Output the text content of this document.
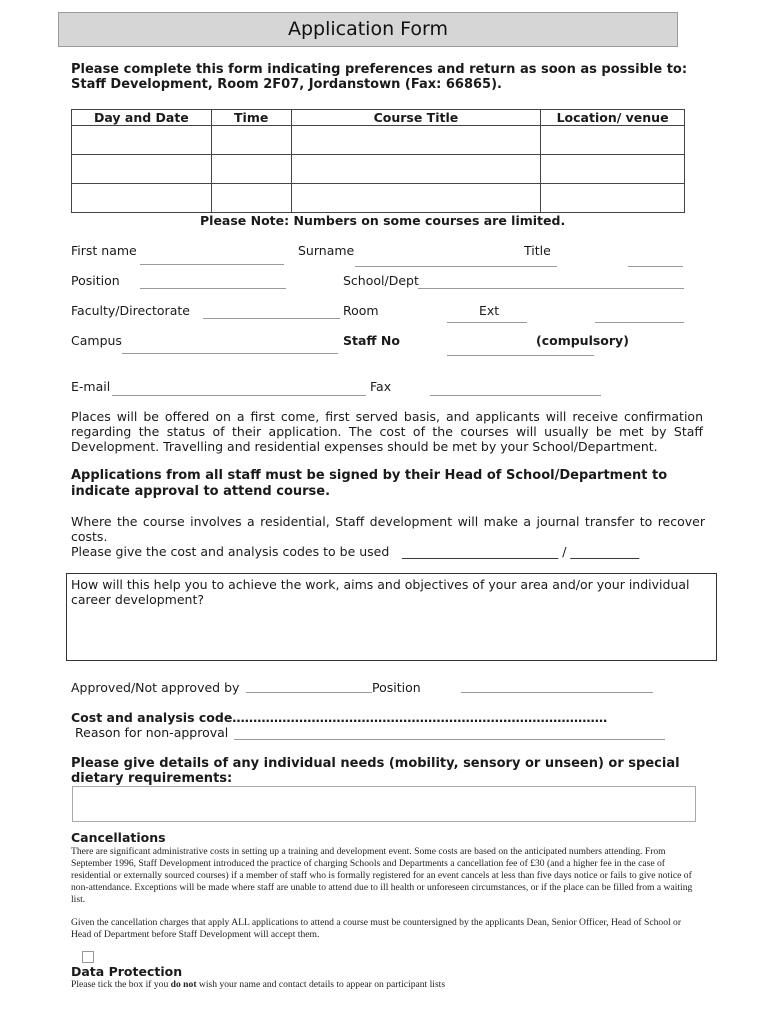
Application Form
Please complete this form indicating preferences and return as soon as possible to:
Staff Development, Room 2F07, Jordanstown (Fax: 66865).
Day and Date	Time	Course Title	Location/ venue

Please Note: Numbers on some courses are limited.
First name	Surname	Title
Position	School/Dept
Faculty/Directorate	Room	Ext
Campus	Staff No	(compulsory)
E-mail	Fax
Places will be offered on a first come, first served basis, and applicants will receive confirmation regarding the status of their application. The cost of the courses will usually be met by Staff Development. Travelling and residential expenses should be met by your School/Department.
Applications from all staff must be signed by their Head of School/Department to indicate approval to attend course.
Where the course involves a residential, Staff development will make a journal transfer to recover costs.
Please give the cost and analysis codes to be used _________________________ / ___________
How will this help you to achieve the work, aims and objectives of your area and/or your individual career development?
Approved/Not approved by	Position
Cost and analysis code………………………………………………………………………………
Reason for non-approval
Please give details of any individual needs (mobility, sensory or unseen) or special dietary requirements:
Cancellations
There are significant administrative costs in setting up a training and development event. Some costs are based on the anticipated numbers attending. From September 1996, Staff Development introduced the practice of charging Schools and Departments a cancellation fee of £30 (and a higher fee in the case of residential or externally sourced courses) if a member of staff who is formally registered for an event cancels at less than five days notice or fails to give notice of non-attendance. Exceptions will be made where staff are unable to attend due to ill health or unforeseen circumstances, or if the place can be filled from a waiting list.
Given the cancellation charges that apply ALL applications to attend a course must be countersigned by the applicants Dean, Senior Officer, Head of School or Head of Department before Staff Development will accept them.
Data Protection
Please tick the box if you do not wish your name and contact details to appear on participant lists
